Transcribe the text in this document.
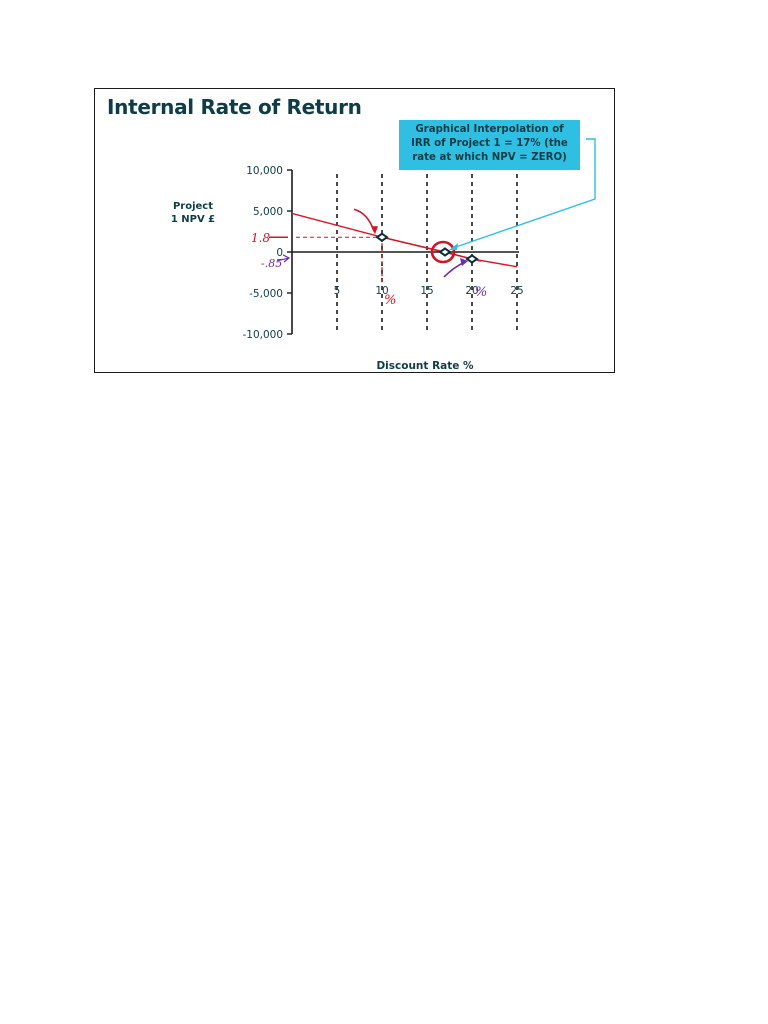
Internal Rate of Return
Graphical Interpolation of
IRR of Project 1 = 17% (the
rate at which NPV = ZERO)
Project
1 NPV £
Discount Rate %
10,000
5,000
0
-5,000
-10,000
5	10	15	20	25
1.8
-.85
%
%
